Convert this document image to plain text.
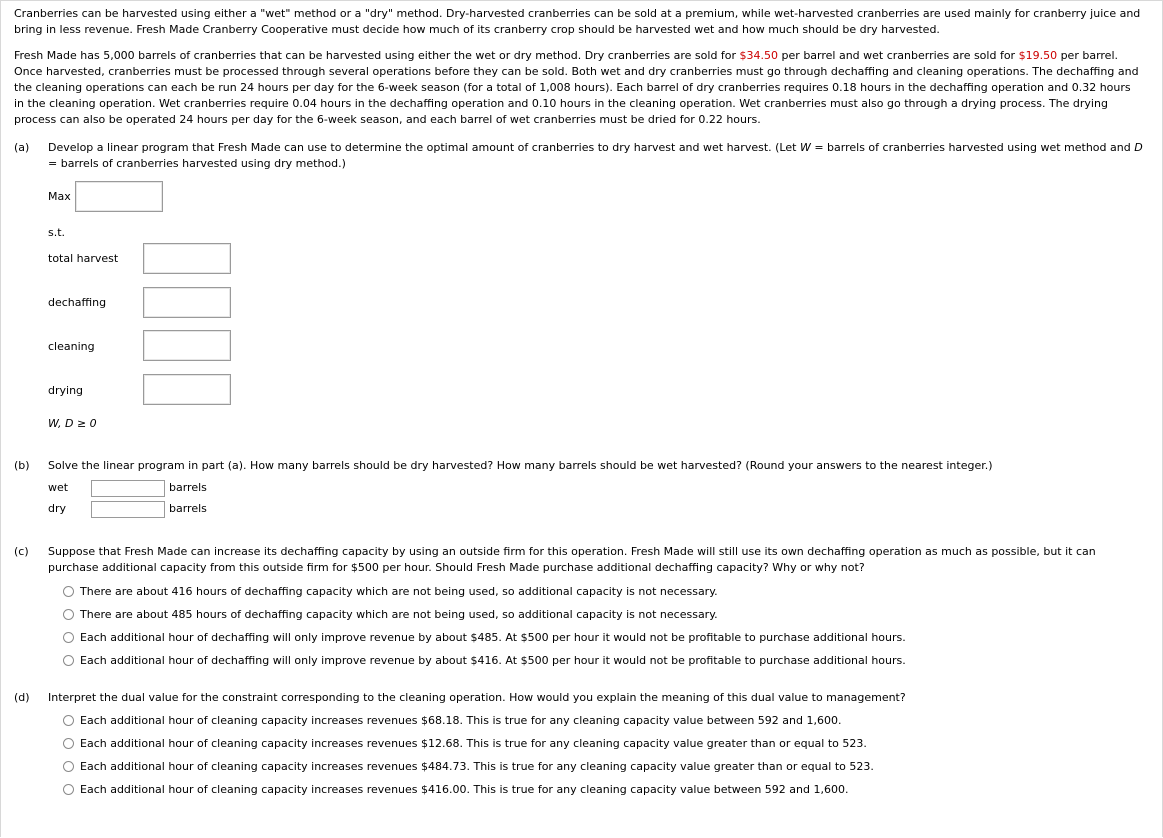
Cranberries can be harvested using either a "wet" method or a "dry" method. Dry-harvested cranberries can be sold at a premium, while wet-harvested cranberries are used mainly for cranberry juice and bring in less revenue. Fresh Made Cranberry Cooperative must decide how much of its cranberry crop should be harvested wet and how much should be dry harvested.
Fresh Made has 5,000 barrels of cranberries that can be harvested using either the wet or dry method. Dry cranberries are sold for $34.50 per barrel and wet cranberries are sold for $19.50 per barrel. Once harvested, cranberries must be processed through several operations before they can be sold. Both wet and dry cranberries must go through dechaffing and cleaning operations. The dechaffing and the cleaning operations can each be run 24 hours per day for the 6-week season (for a total of 1,008 hours). Each barrel of dry cranberries requires 0.18 hours in the dechaffing operation and 0.32 hours in the cleaning operation. Wet cranberries require 0.04 hours in the dechaffing operation and 0.10 hours in the cleaning operation. Wet cranberries must also go through a drying process. The drying process can also be operated 24 hours per day for the 6-week season, and each barrel of wet cranberries must be dried for 0.22 hours.
(a)	Develop a linear program that Fresh Made can use to determine the optimal amount of cranberries to dry harvest and wet harvest. (Let W = barrels of cranberries harvested using wet method and D = barrels of cranberries harvested using dry method.)
Max
s.t.
total harvest
dechaffing
cleaning
drying
W, D ≥ 0
(b)	Solve the linear program in part (a). How many barrels should be dry harvested? How many barrels should be wet harvested? (Round your answers to the nearest integer.)
wet	barrels
dry	barrels
(c)	Suppose that Fresh Made can increase its dechaffing capacity by using an outside firm for this operation. Fresh Made will still use its own dechaffing operation as much as possible, but it can purchase additional capacity from this outside firm for $500 per hour. Should Fresh Made purchase additional dechaffing capacity? Why or why not?
There are about 416 hours of dechaffing capacity which are not being used, so additional capacity is not necessary.
There are about 485 hours of dechaffing capacity which are not being used, so additional capacity is not necessary.
Each additional hour of dechaffing will only improve revenue by about $485. At $500 per hour it would not be profitable to purchase additional hours.
Each additional hour of dechaffing will only improve revenue by about $416. At $500 per hour it would not be profitable to purchase additional hours.
(d)	Interpret the dual value for the constraint corresponding to the cleaning operation. How would you explain the meaning of this dual value to management?
Each additional hour of cleaning capacity increases revenues $68.18. This is true for any cleaning capacity value between 592 and 1,600.
Each additional hour of cleaning capacity increases revenues $12.68. This is true for any cleaning capacity value greater than or equal to 523.
Each additional hour of cleaning capacity increases revenues $484.73. This is true for any cleaning capacity value greater than or equal to 523.
Each additional hour of cleaning capacity increases revenues $416.00. This is true for any cleaning capacity value between 592 and 1,600.
